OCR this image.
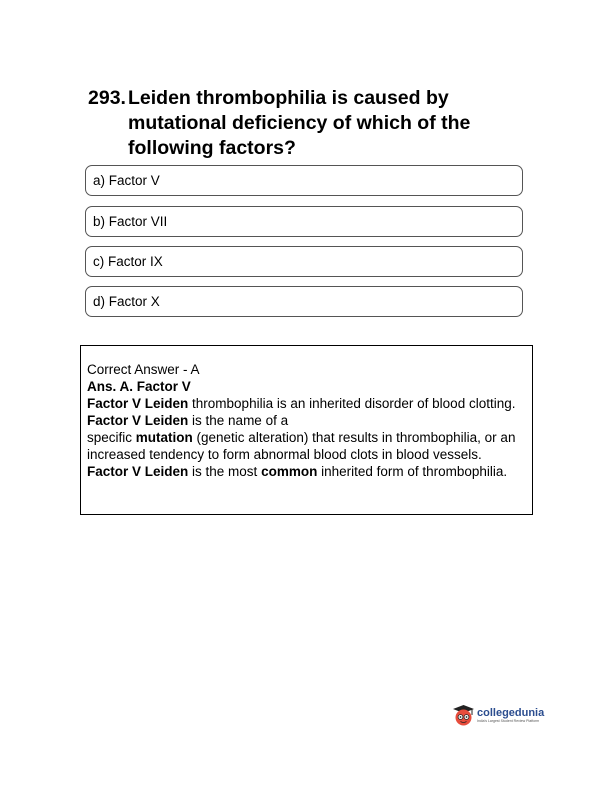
293. Leiden thrombophilia is caused by mutational deficiency of which of the following factors?
a) Factor V
b) Factor VII
c) Factor IX
d) Factor X

Correct Answer - A

Ans. A. Factor V

Factor V Leiden thrombophilia is an inherited disorder of blood clotting. Factor V Leiden is the name of a

specific mutation (genetic alteration) that results in thrombophilia, or an increased tendency to form abnormal blood clots in blood vessels. Factor V Leiden is the most common inherited form of thrombophilia.

collegedunia
India's Largest Student Review Platform
